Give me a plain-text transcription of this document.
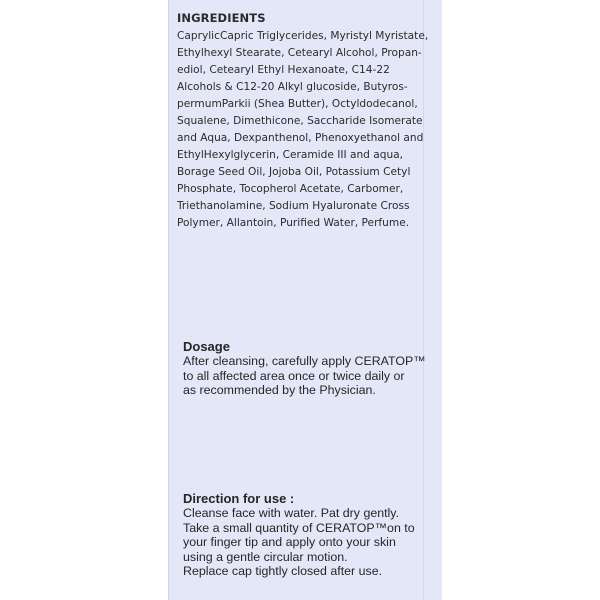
INGREDIENTS

CaprylicCapric Triglycerides, Myristyl Myristate, Ethylhexyl Stearate, Cetearyl Alcohol, Propan-ediol, Cetearyl Ethyl Hexanoate, C14-22 Alcohols & C12-20 Alkyl glucoside, Butyros-permumParkii (Shea Butter), Octyldodecanol, Squalene, Dimethicone, Saccharide Isomerate and Aqua, Dexpanthenol, Phenoxyethanol and EthylHexylglycerin, Ceramide III and aqua, Borage Seed Oil, Jojoba Oil, Potassium Cetyl Phosphate, Tocopherol Acetate, Carbomer, Triethanolamine, Sodium Hyaluronate Cross Polymer, Allantoin, Purified Water, Perfume.

Dosage

After cleansing, carefully apply CERATOP™
to all affected area once or twice daily or
as recommended by the Physician.

Direction for use :

Cleanse face with water. Pat dry gently.
Take a small quantity of CERATOP™on to
your finger tip and apply onto your skin
using a gentle circular motion.
Replace cap tightly closed after use.
